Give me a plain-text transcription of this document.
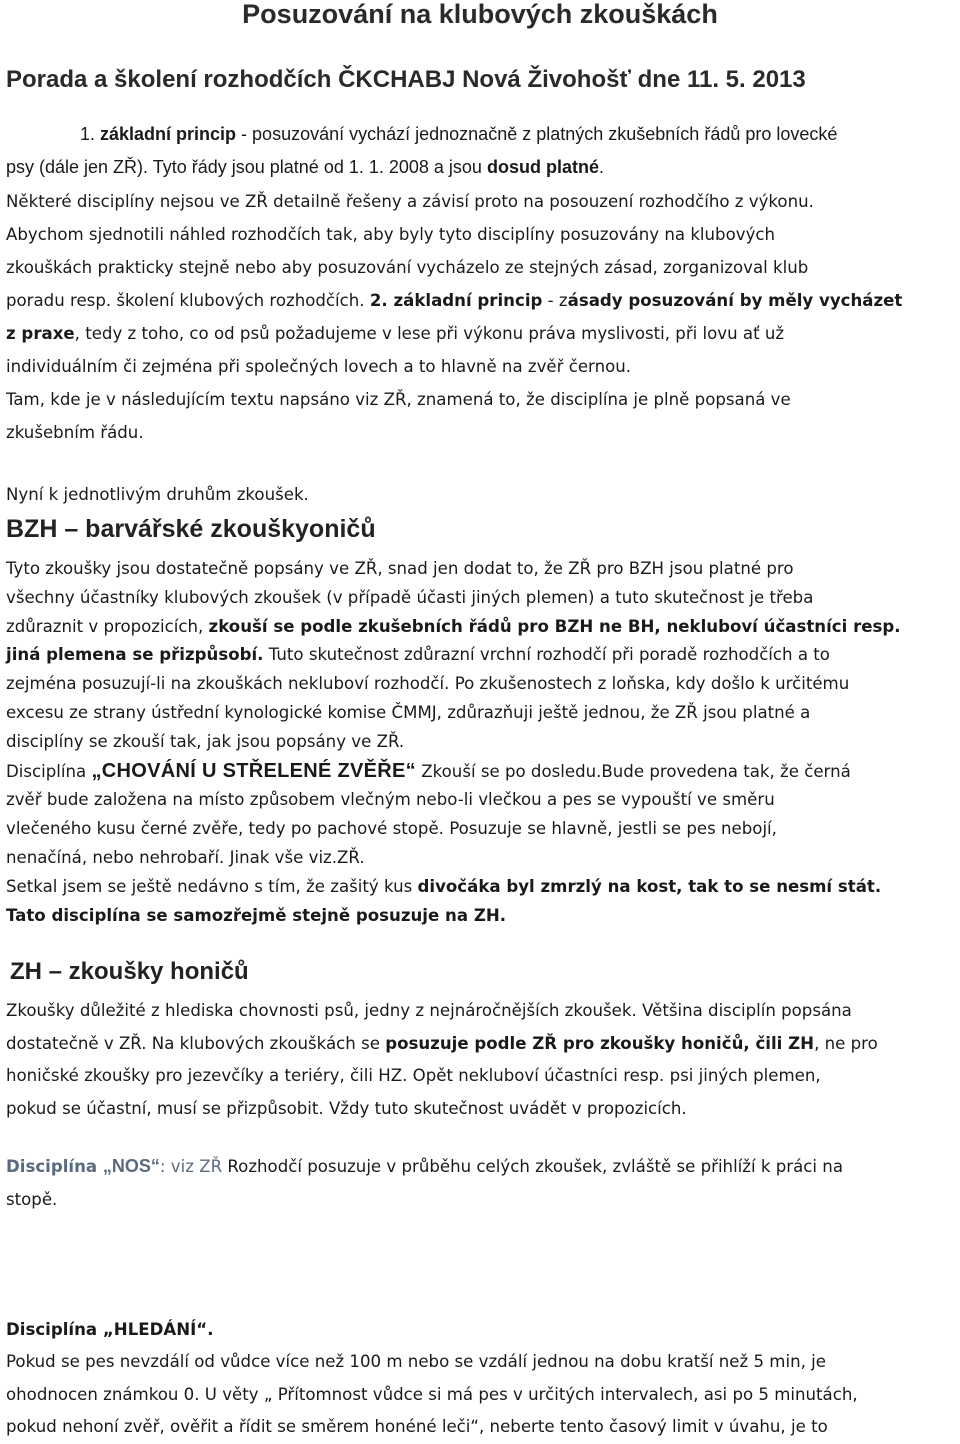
Posuzování na klubových zkouškách
Porada a školení rozhodčích ČKCHABJ Nová Živohošť dne 11. 5. 2013
1. základní princip - posuzování vychází jednoznačně z platných zkušebních řádů pro lovecké
psy (dále jen ZŘ). Tyto řády jsou platné od 1. 1. 2008 a jsou dosud platné.
Některé disciplíny nejsou ve ZŘ detailně řešeny a závisí proto na posouzení rozhodčího z výkonu.
Abychom sjednotili náhled rozhodčích tak, aby byly tyto disciplíny posuzovány na klubových
zkouškách prakticky stejně nebo aby posuzování vycházelo ze stejných zásad, zorganizoval klub
poradu resp. školení klubových rozhodčích. 2. základní princip - zásady posuzování by měly vycházet
z praxe, tedy z toho, co od psů požadujeme v lese při výkonu práva myslivosti, při lovu ať už
individuálním či zejména při společných lovech a to hlavně na zvěř černou.
Tam, kde je v následujícím textu napsáno viz ZŘ, znamená to, že disciplína je plně popsaná ve
zkušebním řádu.
Nyní k jednotlivým druhům zkoušek.
BZH – barvářské zkouškyoničů
Tyto zkoušky jsou dostatečně popsány ve ZŘ, snad jen dodat to, že ZŘ pro BZH jsou platné pro
všechny účastníky klubových zkoušek (v případě účasti jiných plemen) a tuto skutečnost je třeba
zdůraznit v propozicích, zkouší se podle zkušebních řádů pro BZH ne BH, nekluboví účastníci resp.
jiná plemena se přizpůsobí. Tuto skutečnost zdůrazní vrchní rozhodčí při poradě rozhodčích a to
zejména posuzují-li na zkouškách nekluboví rozhodčí. Po zkušenostech z loňska, kdy došlo k určitému
excesu ze strany ústřední kynologické komise ČMMJ, zdůrazňuji ještě jednou, že ZŘ jsou platné a
disciplíny se zkouší tak, jak jsou popsány ve ZŘ.
Disciplína „CHOVÁNÍ U STŘELENÉ ZVĚŘE“ Zkouší se po dosledu.Bude provedena tak, že černá
zvěř bude založena na místo způsobem vlečným nebo-li vlečkou a pes se vypouští ve směru
vlečeného kusu černé zvěře, tedy po pachové stopě. Posuzuje se hlavně, jestli se pes nebojí,
nenačíná, nebo nehrobaří. Jinak vše viz.ZŘ.
Setkal jsem se ještě nedávno s tím, že zašitý kus divočáka byl zmrzlý na kost, tak to se nesmí stát.
Tato disciplína se samozřejmě stejně posuzuje na ZH.
ZH – zkoušky honičů
Zkoušky důležité z hlediska chovnosti psů, jedny z nejnáročnějších zkoušek. Většina disciplín popsána
dostatečně v ZŘ. Na klubových zkouškách se posuzuje podle ZŘ pro zkoušky honičů, čili ZH, ne pro
honičské zkoušky pro jezevčíky a teriéry, čili HZ. Opět nekluboví účastníci resp. psi jiných plemen,
pokud se účastní, musí se přizpůsobit. Vždy tuto skutečnost uvádět v propozicích.
Disciplína „NOS“: viz ZŘ Rozhodčí posuzuje v průběhu celých zkoušek, zvláště se přihlíží k práci na
stopě.
Disciplína „HLEDÁNÍ“.
Pokud se pes nevzdálí od vůdce více než 100 m nebo se vzdálí jednou na dobu kratší než 5 min, je
ohodnocen známkou 0. U věty „ Přítomnost vůdce si má pes v určitých intervalech, asi po 5 minutách,
pokud nehoní zvěř, ověřit a řídit se směrem honéné leči“, neberte tento časový limit v úvahu, je to
